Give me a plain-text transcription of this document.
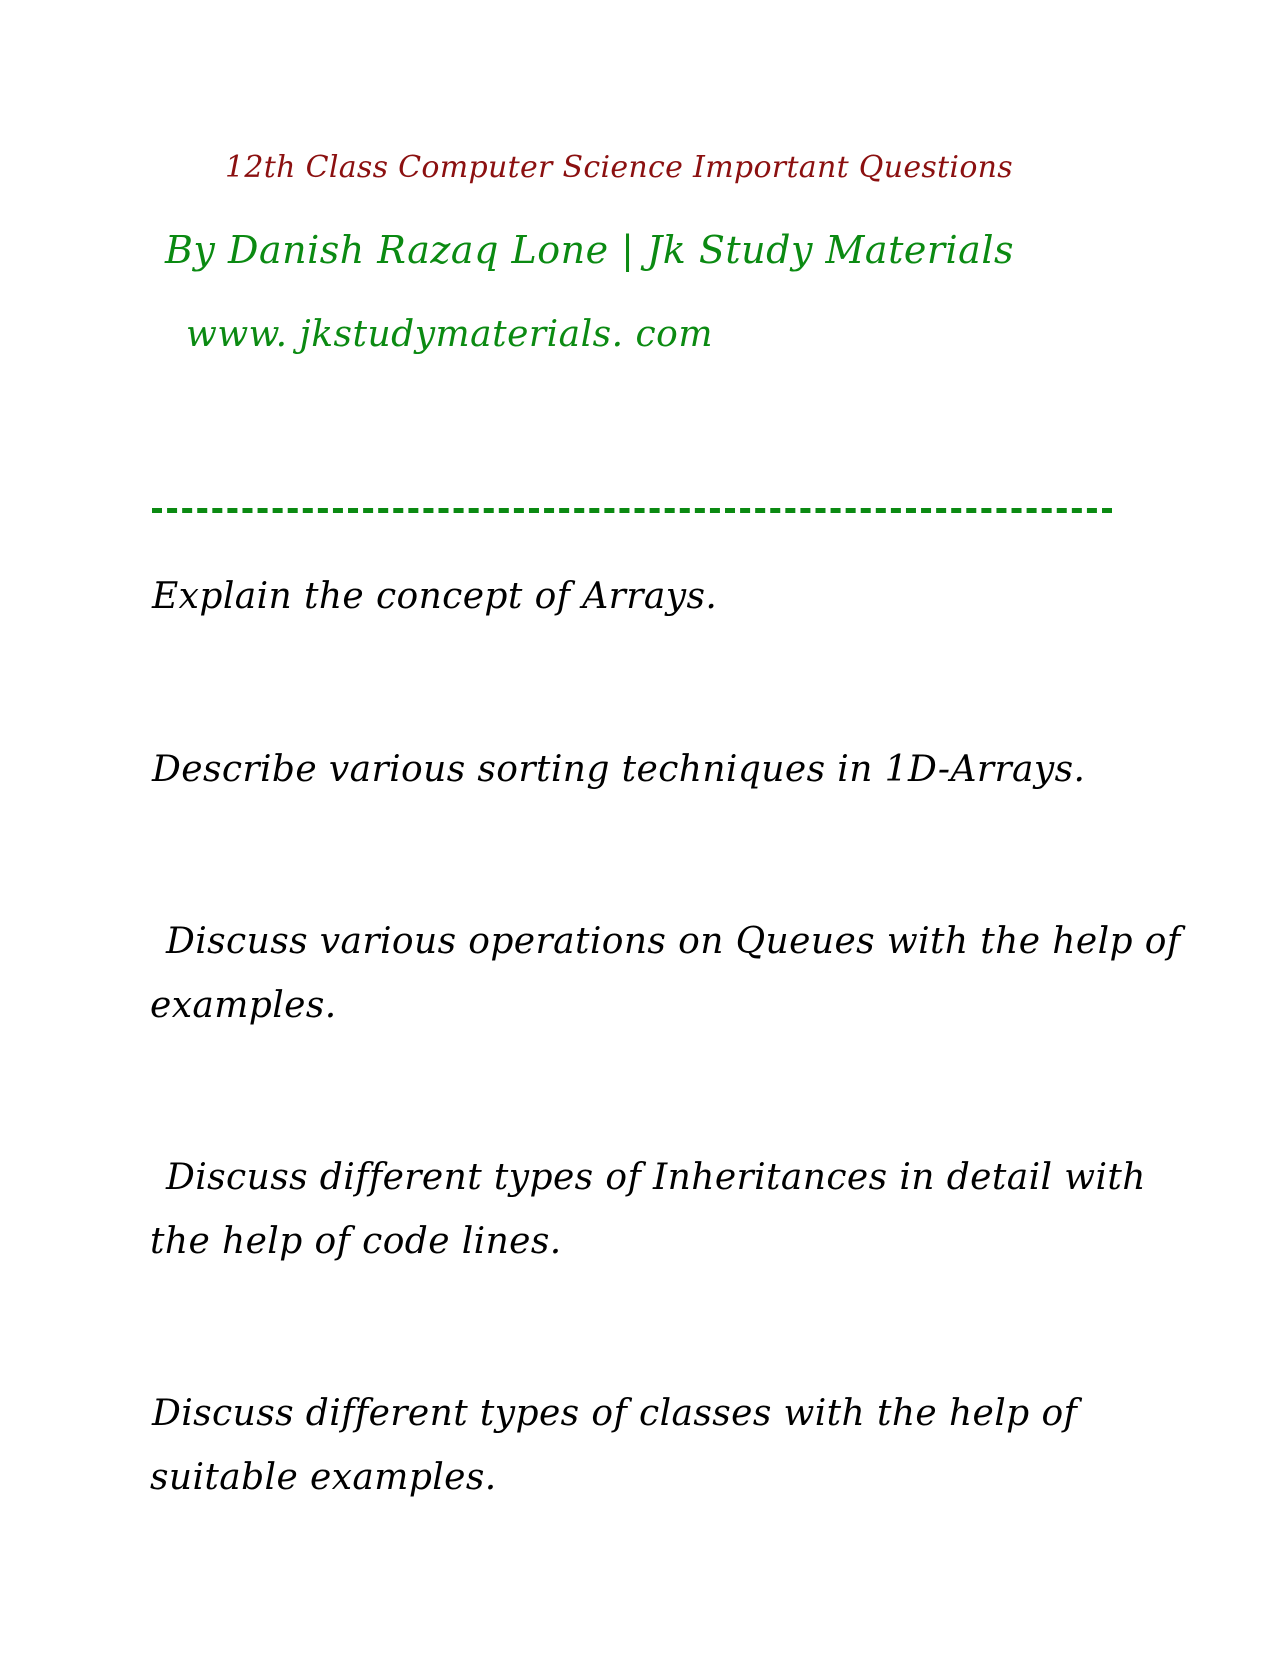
12th Class Computer Science Important Questions
By Danish Razaq Lone | Jk Study Materials
www. jkstudymaterials. com
Explain the concept of Arrays.
Describe various sorting techniques in 1D-Arrays.
Discuss various operations on Queues with the help of
examples.
Discuss different types of Inheritances in detail with
the help of code lines.
Discuss different types of classes with the help of
suitable examples.
